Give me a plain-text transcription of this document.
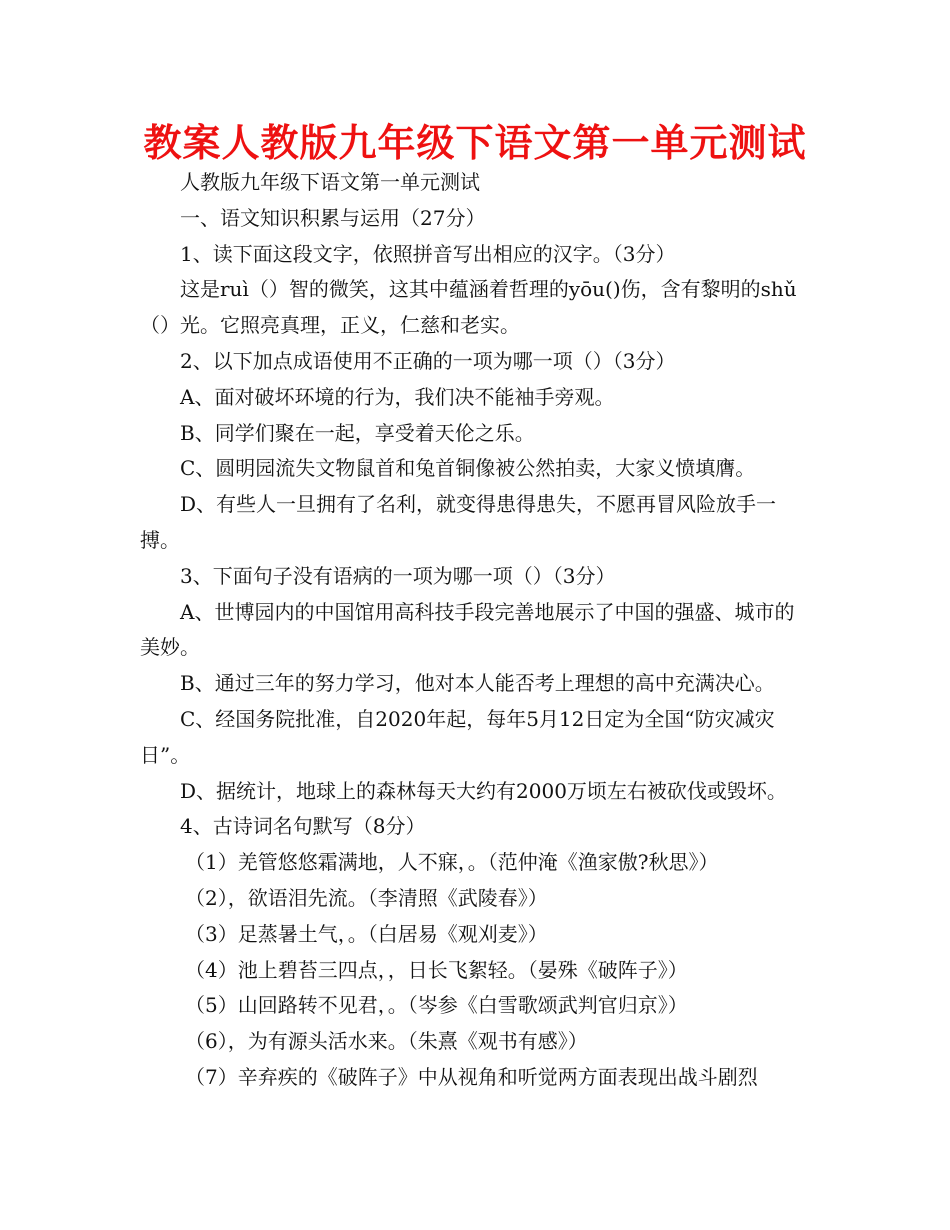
教案人教版九年级下语文第一单元测试

人教版九年级下语文第一单元测试

一、语文知识积累与运用（27分）

1、读下面这段文字，依照拼音写出相应的汉字。（3分）

这是ruì（）智的微笑，这其中蕴涵着哲理的yōu()伤，含有黎明的shǔ（）光。它照亮真理，正义，仁慈和老实。

2、以下加点成语使用不正确的一项为哪一项（）（3分）

A、面对破坏环境的行为，我们决不能袖手旁观。

B、同学们聚在一起，享受着天伦之乐。

C、圆明园流失文物鼠首和兔首铜像被公然拍卖，大家义愤填膺。

D、有些人一旦拥有了名利，就变得患得患失，不愿再冒风险放手一搏。

3、下面句子没有语病的一项为哪一项（）（3分）

A、世博园内的中国馆用高科技手段完善地展示了中国的强盛、城市的美妙。

B、通过三年的努力学习，他对本人能否考上理想的高中充满决心。

C、经国务院批准，自2020年起，每年5月12日定为全国“防灾减灾日”。

D、据统计，地球上的森林每天大约有2000万顷左右被砍伐或毁坏。

4、古诗词名句默写（8分）

（1）羌管悠悠霜满地，人不寐，。（范仲淹《渔家傲?秋思》）

（2），欲语泪先流。（李清照《武陵春》）

（3）足蒸暑土气，。（白居易《观刈麦》）

（4）池上碧苔三四点，，日长飞絮轻。（晏殊《破阵子》）

（5）山回路转不见君，。（岑参《白雪歌颂武判官归京》）

（6），为有源头活水来。（朱熹《观书有感》）

（7）辛弃疾的《破阵子》中从视角和听觉两方面表现出战斗剧烈
